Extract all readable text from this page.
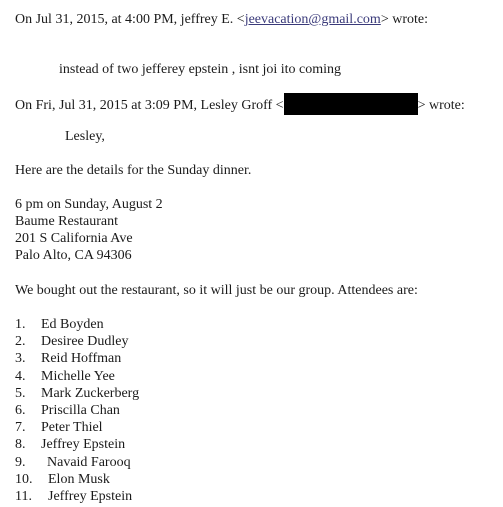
On Jul 31, 2015, at 4:00 PM, jeffrey E. <jeevacation@gmail.com> wrote:
instead of two jefferey epstein , isnt joi ito coming
On Fri, Jul 31, 2015 at 3:09 PM, Lesley Groff <	> wrote:
Lesley,
Here are the details for the Sunday dinner.
6 pm on Sunday, August 2
Baume Restaurant
201 S California Ave
Palo Alto, CA 94306
We bought out the restaurant, so it will just be our group. Attendees are:
1. Ed Boyden
2. Desiree Dudley
3. Reid Hoffman
4. Michelle Yee
5. Mark Zuckerberg
6. Priscilla Chan
7. Peter Thiel
8. Jeffrey Epstein
9. Navaid Farooq
10. Elon Musk
11. Jeffrey Epstein
